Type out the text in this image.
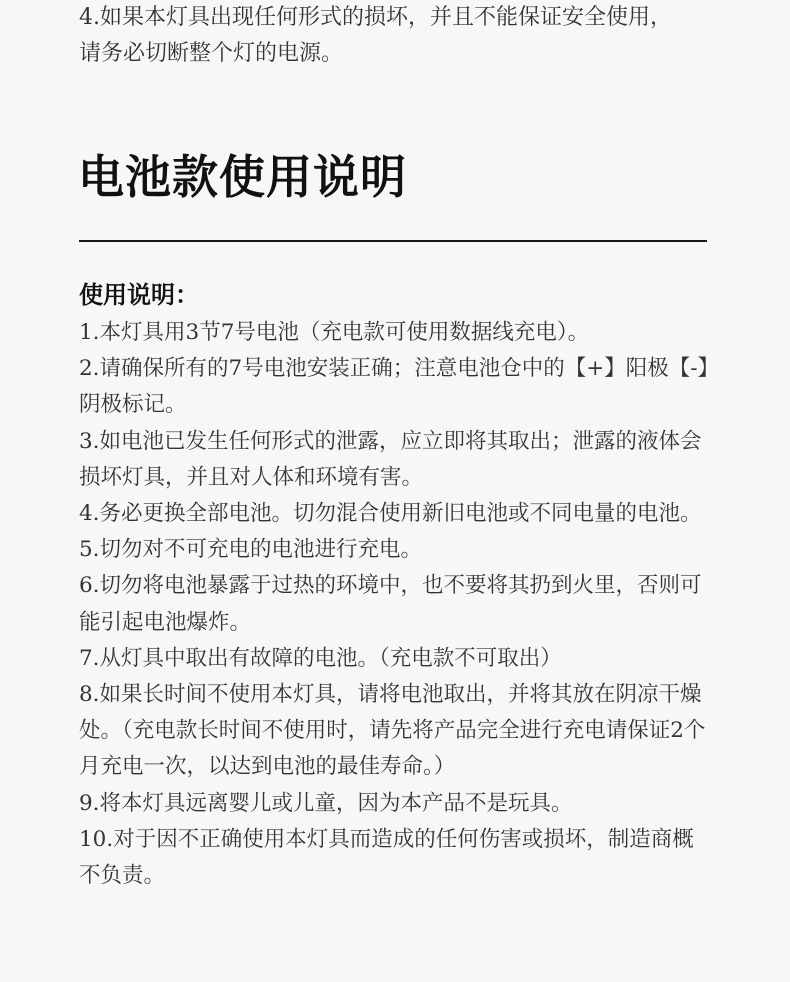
4.如果本灯具出现任何形式的损坏，并且不能保证安全使用，

请务必切断整个灯的电源。

电池款使用说明

使用说明：

1.本灯具用3节7号电池（充电款可使用数据线充电）。

2.请确保所有的7号电池安装正确；注意电池仓中的【+】阳极【-】阴极标记。

3.如电池已发生任何形式的泄露，应立即将其取出；泄露的液体会损坏灯具，并且对人体和环境有害。

4.务必更换全部电池。切勿混合使用新旧电池或不同电量的电池。

5.切勿对不可充电的电池进行充电。

6.切勿将电池暴露于过热的环境中，也不要将其扔到火里，否则可能引起电池爆炸。

7.从灯具中取出有故障的电池。（充电款不可取出）

8.如果长时间不使用本灯具，请将电池取出，并将其放在阴凉干燥处。（充电款长时间不使用时，请先将产品完全进行充电请保证2个月充电一次，以达到电池的最佳寿命。）

9.将本灯具远离婴儿或儿童，因为本产品不是玩具。

10.对于因不正确使用本灯具而造成的任何伤害或损坏，制造商概不负责。
